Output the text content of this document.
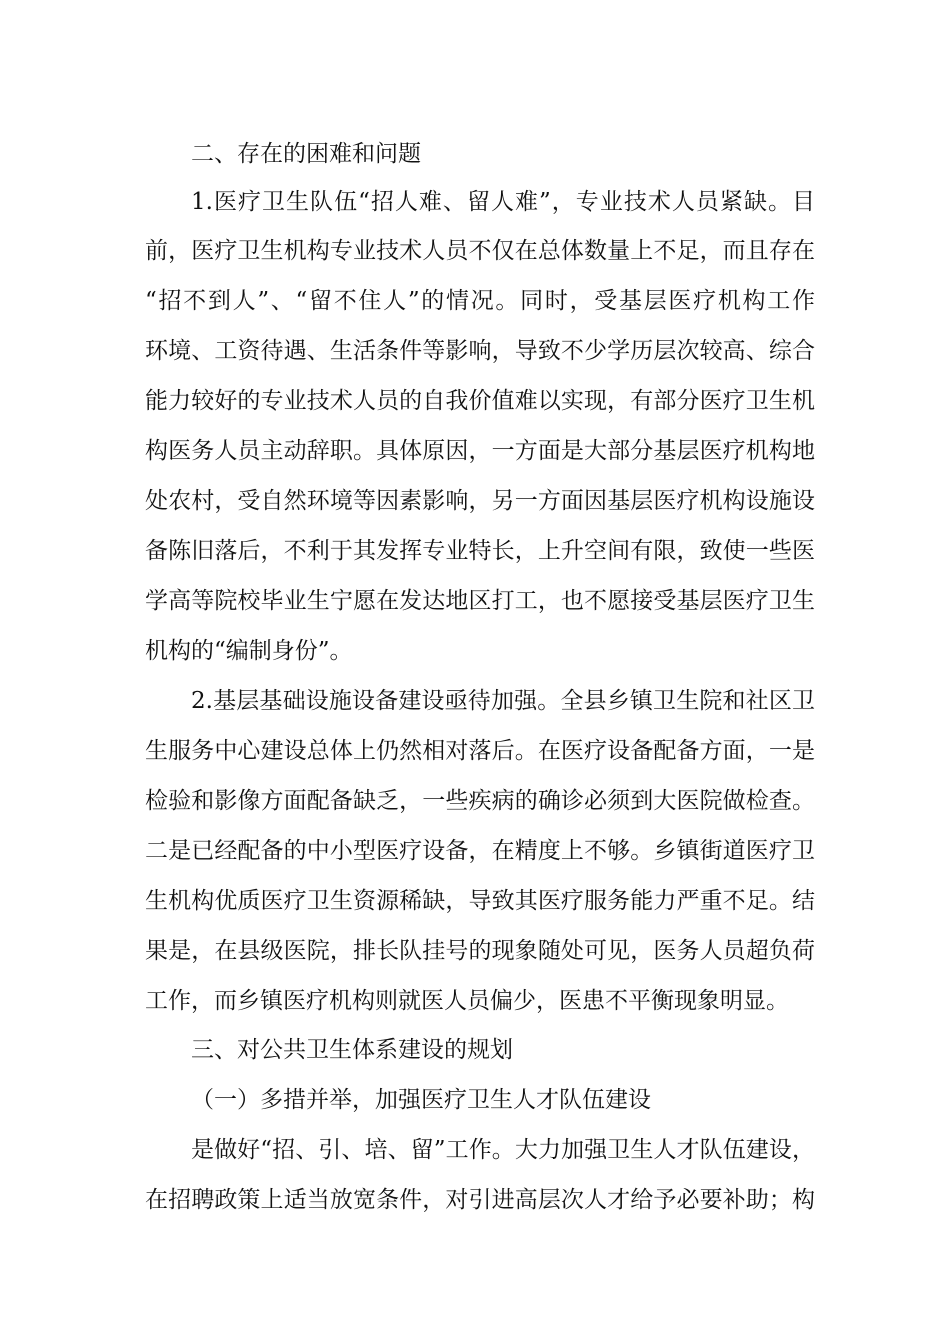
二、存在的困难和问题
1.医疗卫生队伍“招人难、留人难”，专业技术人员紧缺。目
前，医疗卫生机构专业技术人员不仅在总体数量上不足，而且存在
“招不到人”、“留不住人”的情况。同时，受基层医疗机构工作
环境、工资待遇、生活条件等影响，导致不少学历层次较高、综合
能力较好的专业技术人员的自我价值难以实现，有部分医疗卫生机
构医务人员主动辞职。具体原因，一方面是大部分基层医疗机构地
处农村，受自然环境等因素影响，另一方面因基层医疗机构设施设
备陈旧落后，不利于其发挥专业特长，上升空间有限，致使一些医
学高等院校毕业生宁愿在发达地区打工，也不愿接受基层医疗卫生
机构的“编制身份”。
2.基层基础设施设备建设亟待加强。全县乡镇卫生院和社区卫
生服务中心建设总体上仍然相对落后。在医疗设备配备方面，一是
检验和影像方面配备缺乏，一些疾病的确诊必须到大医院做检查。
二是已经配备的中小型医疗设备，在精度上不够。乡镇街道医疗卫
生机构优质医疗卫生资源稀缺，导致其医疗服务能力严重不足。结
果是，在县级医院，排长队挂号的现象随处可见，医务人员超负荷
工作，而乡镇医疗机构则就医人员偏少，医患不平衡现象明显。
三、对公共卫生体系建设的规划
（一）多措并举，加强医疗卫生人才队伍建设
是做好“招、引、培、留”工作。大力加强卫生人才队伍建设，
在招聘政策上适当放宽条件，对引进高层次人才给予必要补助；构
